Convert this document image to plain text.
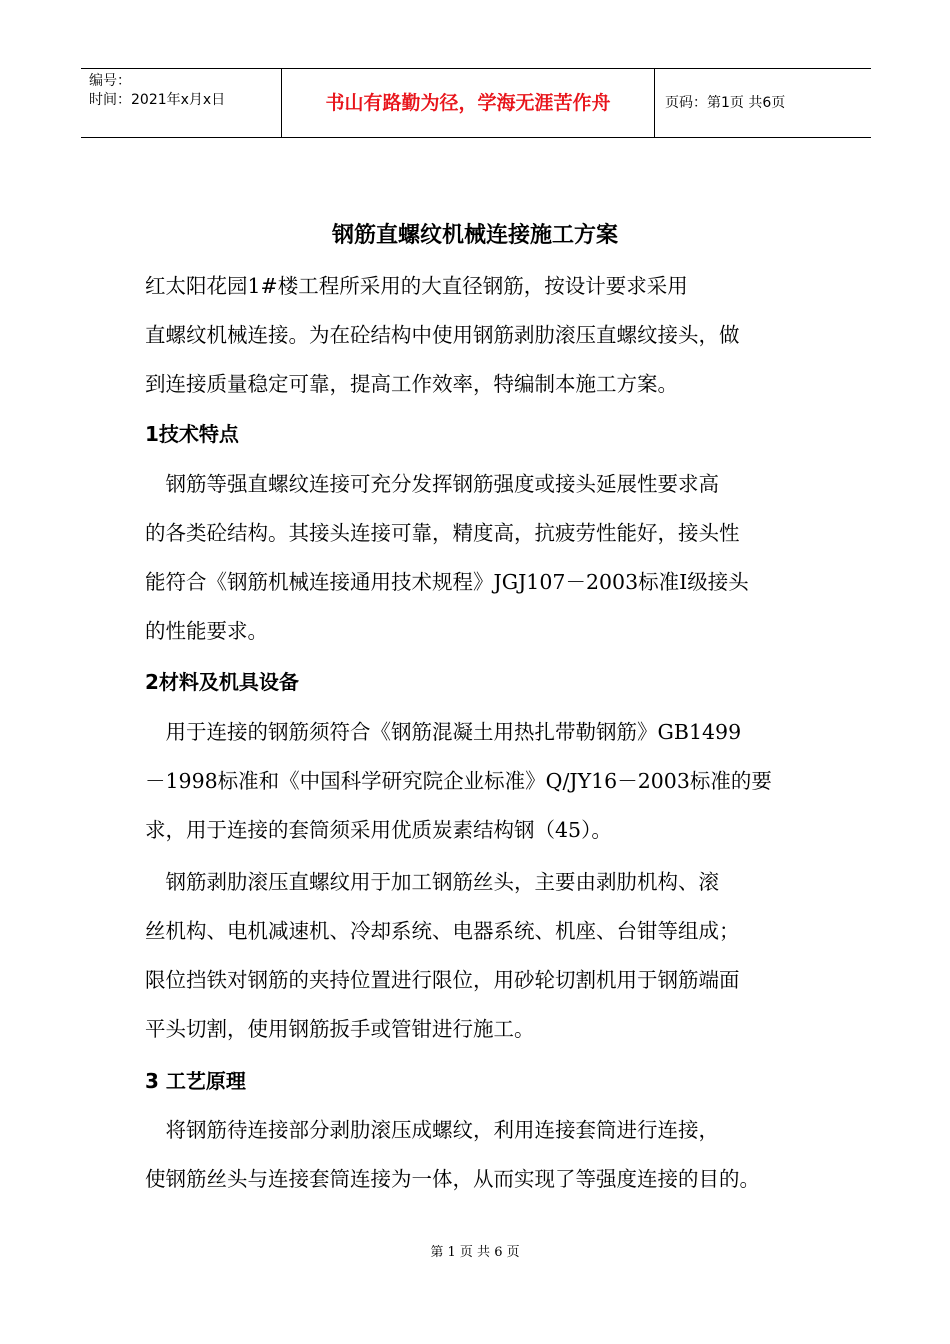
编号：
时间：2021年x月x日	书山有路勤为径，学海无涯苦作舟	页码：第1页 共6页
钢筋直螺纹机械连接施工方案
红太阳花园1#楼工程所采用的大直径钢筋，按设计要求采用
直螺纹机械连接。为在砼结构中使用钢筋剥肋滚压直螺纹接头，做
到连接质量稳定可靠，提高工作效率，特编制本施工方案。
1技术特点
　钢筋等强直螺纹连接可充分发挥钢筋强度或接头延展性要求高
的各类砼结构。其接头连接可靠，精度高，抗疲劳性能好，接头性
能符合《钢筋机械连接通用技术规程》JGJ107－2003标准Ⅰ级接头
的性能要求。
2材料及机具设备
　用于连接的钢筋须符合《钢筋混凝土用热扎带勒钢筋》GB1499
－1998标准和《中国科学研究院企业标准》Q/JY16－2003标准的要
求，用于连接的套筒须采用优质炭素结构钢（45）。
　钢筋剥肋滚压直螺纹用于加工钢筋丝头，主要由剥肋机构、滚
丝机构、电机减速机、冷却系统、电器系统、机座、台钳等组成；
限位挡铁对钢筋的夹持位置进行限位，用砂轮切割机用于钢筋端面
平头切割，使用钢筋扳手或管钳进行施工。
3 工艺原理
　将钢筋待连接部分剥肋滚压成螺纹，利用连接套筒进行连接，
使钢筋丝头与连接套筒连接为一体，从而实现了等强度连接的目的。
第 1 页 共 6 页
